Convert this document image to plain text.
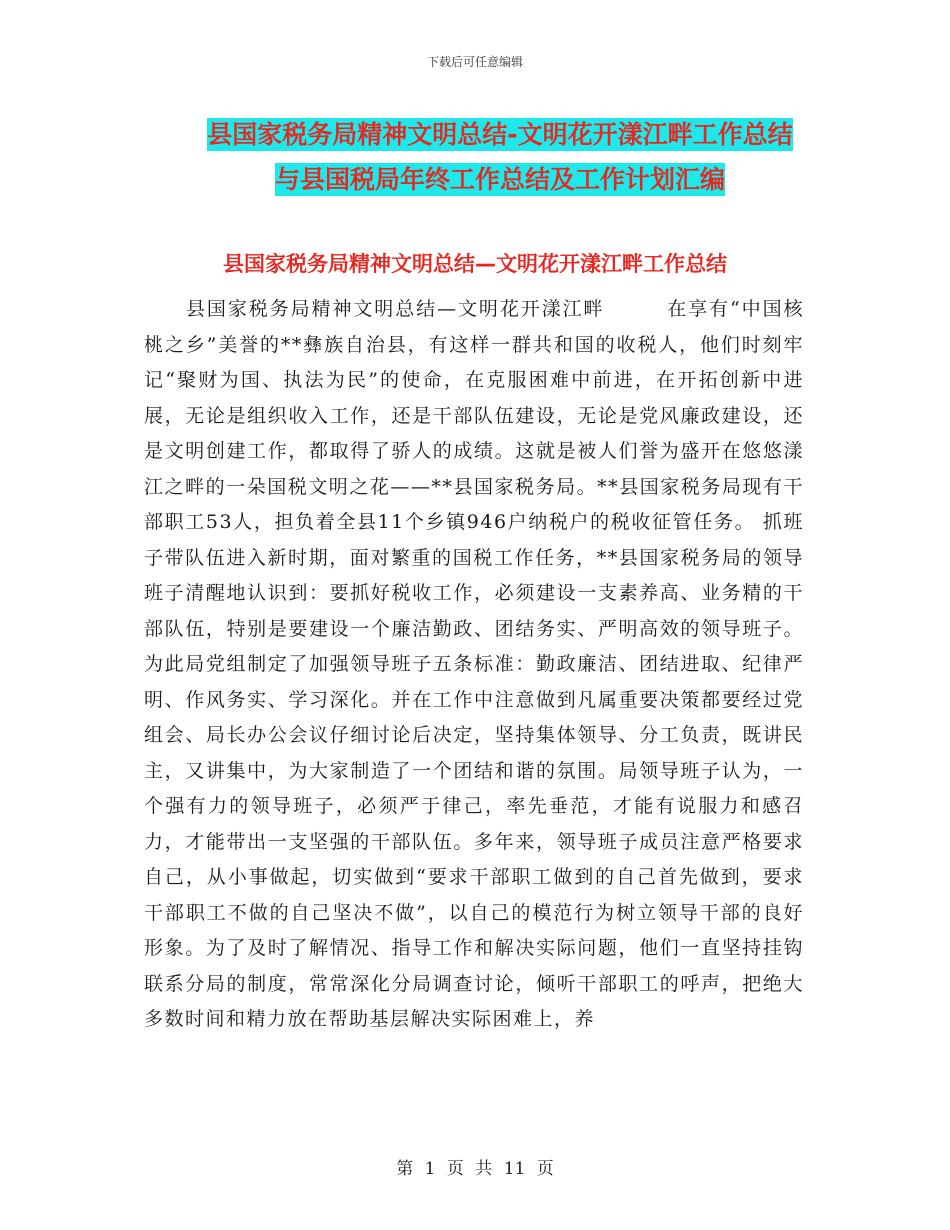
下载后可任意编辑
县国家税务局精神文明总结-文明花开漾江畔工作总结
与县国税局年终工作总结及工作计划汇编
县国家税务局精神文明总结—文明花开漾江畔工作总结
县国家税务局精神文明总结—文明花开漾江畔　　　在享有“中国核桃之乡”美誉的**彝族自治县，有这样一群共和国的收税人，他们时刻牢记“聚财为国、执法为民”的使命，在克服困难中前进，在开拓创新中进展，无论是组织收入工作，还是干部队伍建设，无论是党风廉政建设，还是文明创建工作，都取得了骄人的成绩。这就是被人们誉为盛开在悠悠漾江之畔的一朵国税文明之花——**县国家税务局。**县国家税务局现有干部职工53人，担负着全县11个乡镇946户纳税户的税收征管任务。 抓班子带队伍进入新时期，面对繁重的国税工作任务，**县国家税务局的领导班子清醒地认识到：要抓好税收工作，必须建设一支素养高、业务精的干部队伍，特别是要建设一个廉洁勤政、团结务实、严明高效的领导班子。为此局党组制定了加强领导班子五条标准：勤政廉洁、团结进取、纪律严明、作风务实、学习深化。并在工作中注意做到凡属重要决策都要经过党组会、局长办公会议仔细讨论后决定，坚持集体领导、分工负责，既讲民主，又讲集中，为大家制造了一个团结和谐的氛围。局领导班子认为，一个强有力的领导班子，必须严于律己，率先垂范，才能有说服力和感召力，才能带出一支坚强的干部队伍。多年来，领导班子成员注意严格要求自己，从小事做起，切实做到“要求干部职工做到的自己首先做到，要求干部职工不做的自己坚决不做”，以自己的模范行为树立领导干部的良好形象。为了及时了解情况、指导工作和解决实际问题，他们一直坚持挂钩联系分局的制度，常常深化分局调查讨论，倾听干部职工的呼声，把绝大多数时间和精力放在帮助基层解决实际困难上，养
第 1 页 共 11 页
